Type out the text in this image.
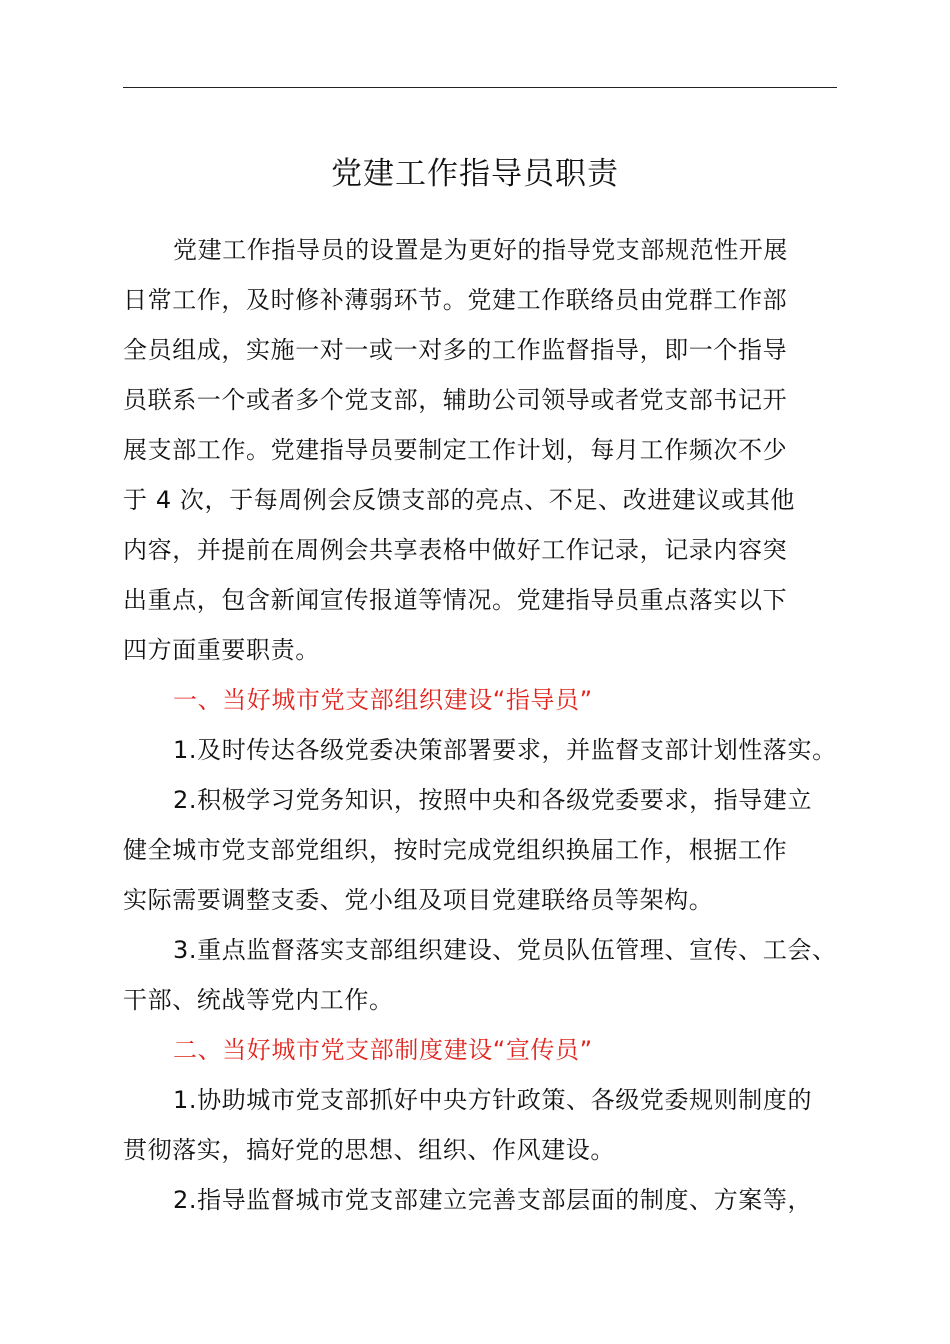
党建工作指导员职责
党建工作指导员的设置是为更好的指导党支部规范性开展
日常工作，及时修补薄弱环节。党建工作联络员由党群工作部
全员组成，实施一对一或一对多的工作监督指导，即一个指导
员联系一个或者多个党支部，辅助公司领导或者党支部书记开
展支部工作。党建指导员要制定工作计划，每月工作频次不少
于 4 次，于每周例会反馈支部的亮点、不足、改进建议或其他
内容，并提前在周例会共享表格中做好工作记录，记录内容突
出重点，包含新闻宣传报道等情况。党建指导员重点落实以下
四方面重要职责。
一、当好城市党支部组织建设“指导员”
1.及时传达各级党委决策部署要求，并监督支部计划性落实。
2.积极学习党务知识，按照中央和各级党委要求，指导建立
健全城市党支部党组织，按时完成党组织换届工作，根据工作
实际需要调整支委、党小组及项目党建联络员等架构。
3.重点监督落实支部组织建设、党员队伍管理、宣传、工会、
干部、统战等党内工作。
二、当好城市党支部制度建设“宣传员”
1.协助城市党支部抓好中央方针政策、各级党委规则制度的
贯彻落实，搞好党的思想、组织、作风建设。
2.指导监督城市党支部建立完善支部层面的制度、方案等，
